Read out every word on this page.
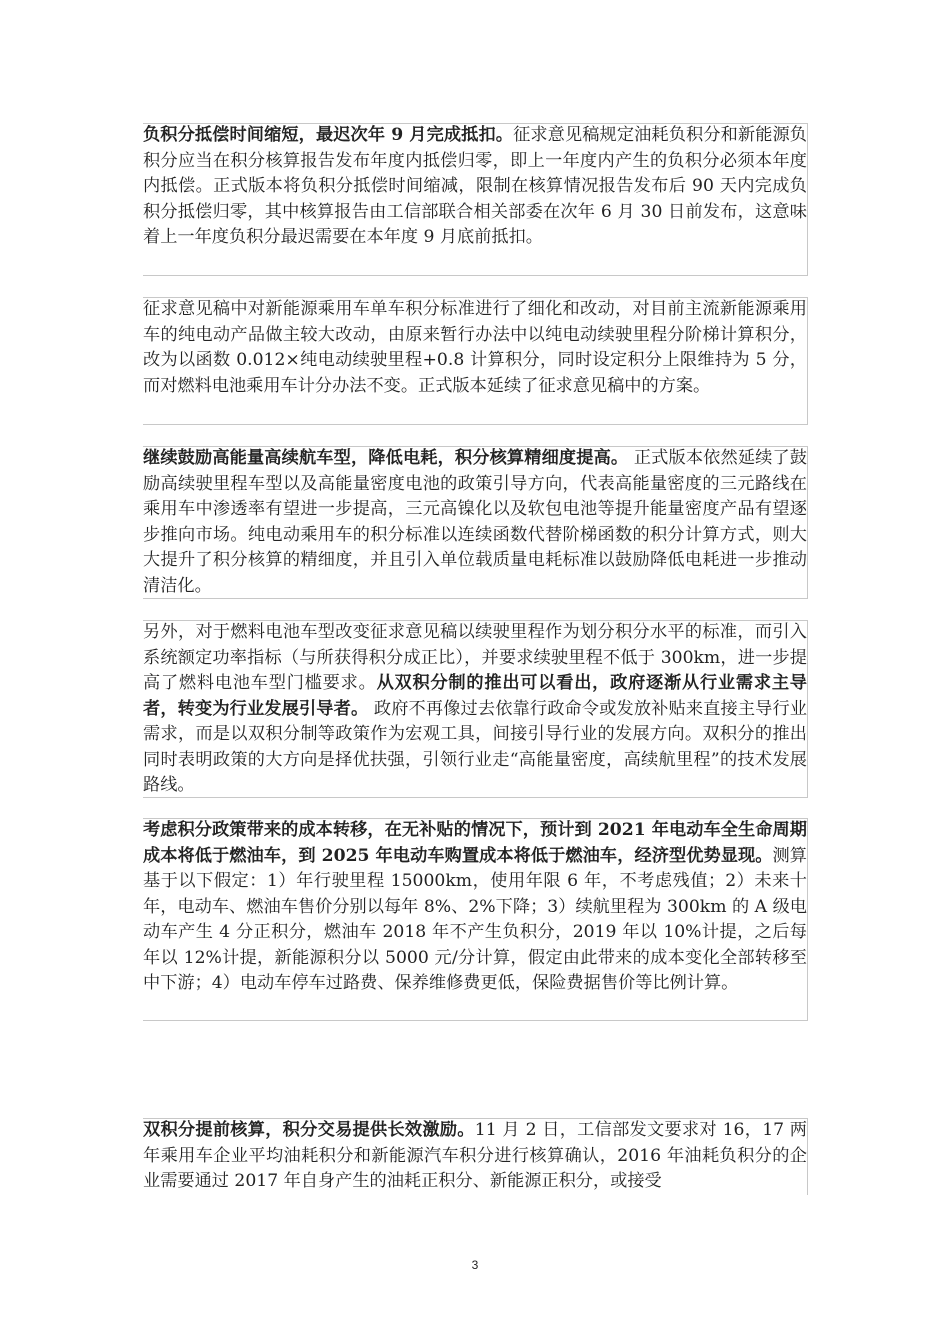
负积分抵偿时间缩短，最迟次年 9 月完成抵扣。征求意见稿规定油耗负积分和新能源负积分应当在积分核算报告发布年度内抵偿归零，即上一年度内产生的负积分必须本年度内抵偿。正式版本将负积分抵偿时间缩减，限制在核算情况报告发布后 90 天内完成负积分抵偿归零，其中核算报告由工信部联合相关部委在次年 6 月 30 日前发布，这意味着上一年度负积分最迟需要在本年度 9 月底前抵扣。
征求意见稿中对新能源乘用车单车积分标准进行了细化和改动，对目前主流新能源乘用车的纯电动产品做主较大改动，由原来暂行办法中以纯电动续驶里程分阶梯计算积分，改为以函数 0.012×纯电动续驶里程+0.8 计算积分，同时设定积分上限维持为 5 分，而对燃料电池乘用车计分办法不变。正式版本延续了征求意见稿中的方案。
继续鼓励高能量高续航车型，降低电耗，积分核算精细度提高。 正式版本依然延续了鼓励高续驶里程车型以及高能量密度电池的政策引导方向，代表高能量密度的三元路线在乘用车中渗透率有望进一步提高，三元高镍化以及软包电池等提升能量密度产品有望逐步推向市场。纯电动乘用车的积分标准以连续函数代替阶梯函数的积分计算方式，则大大提升了积分核算的精细度，并且引入单位载质量电耗标准以鼓励降低电耗进一步推动清洁化。
另外，对于燃料电池车型改变征求意见稿以续驶里程作为划分积分水平的标准，而引入系统额定功率指标（与所获得积分成正比），并要求续驶里程不低于 300km，进一步提高了燃料电池车型门槛要求。从双积分制的推出可以看出，政府逐渐从行业需求主导者，转变为行业发展引导者。 政府不再像过去依靠行政命令或发放补贴来直接主导行业需求，而是以双积分制等政策作为宏观工具，间接引导行业的发展方向。双积分的推出同时表明政策的大方向是择优扶强，引领行业走“高能量密度，高续航里程”的技术发展路线。
考虑积分政策带来的成本转移，在无补贴的情况下，预计到 2021 年电动车全生命周期成本将低于燃油车，到 2025 年电动车购置成本将低于燃油车，经济型优势显现。测算基于以下假定：1）年行驶里程 15000km，使用年限 6 年，不考虑残值；2）未来十年，电动车、燃油车售价分别以每年 8%、2%下降；3）续航里程为 300km 的 A 级电动车产生 4 分正积分，燃油车 2018 年不产生负积分，2019 年以 10%计提，之后每年以 12%计提，新能源积分以 5000 元/分计算，假定由此带来的成本变化全部转移至中下游；4）电动车停车过路费、保养维修费更低，保险费据售价等比例计算。
双积分提前核算，积分交易提供长效激励。11 月 2 日，工信部发文要求对 16，17 两年乘用车企业平均油耗积分和新能源汽车积分进行核算确认，2016 年油耗负积分的企业需要通过 2017 年自身产生的油耗正积分、新能源正积分，或接受
3
